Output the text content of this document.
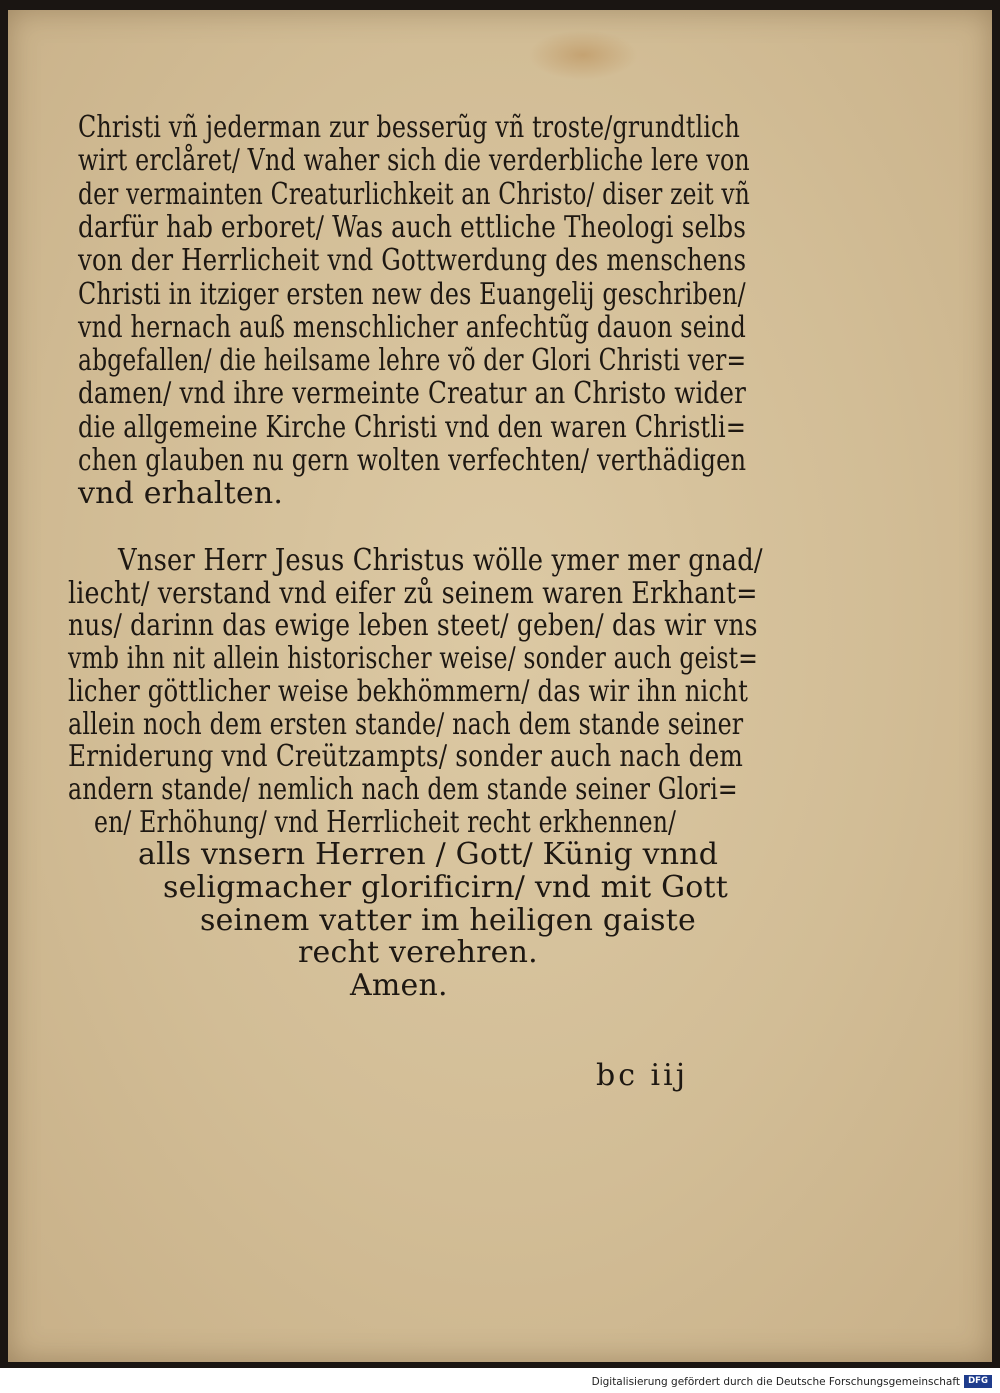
Christi vñ jederman zur besserũg vñ troste/grundtlich
wirt erclåret/ Vnd waher sich die verderbliche lere von
der vermainten Creaturlichkeit an Christo/ diser zeit vñ
darfür hab erboret/ Was auch ettliche Theologi selbs
von der Herrlicheit vnd Gottwerdung des menschens
Christi in itziger ersten new des Euangelij geschriben/
vnd hernach auß menschlicher anfechtũg dauon seind
abgefallen/ die heilsame lehre võ der Glori Christi ver=
damen/ vnd ihre vermeinte Creatur an Christo wider
die allgemeine Kirche Christi vnd den waren Christli=
chen glauben nu gern wolten verfechten/ verthädigen
vnd erhalten.
Vnser Herr Jesus Christus wölle ymer mer gnad/
liecht/ verstand vnd eifer zů seinem waren Erkhant=
nus/ darinn das ewige leben steet/ geben/ das wir vns
vmb ihn nit allein historischer weise/ sonder auch geist=
licher göttlicher weise bekhömmern/ das wir ihn nicht
allein noch dem ersten stande/ nach dem stande seiner
Erniderung vnd Creützampts/ sonder auch nach dem
andern stande/ nemlich nach dem stande seiner Glori=
en/ Erhöhung/ vnd Herrlicheit recht erkhennen/
alls vnsern Herren / Gott/ Künig vnnd
seligmacher glorificirn/ vnd mit Gott
seinem vatter im heiligen gaiste
recht verehren.
Amen.
bc iij
Digitalisierung gefördert durch die Deutsche Forschungsgemeinschaft DFG
